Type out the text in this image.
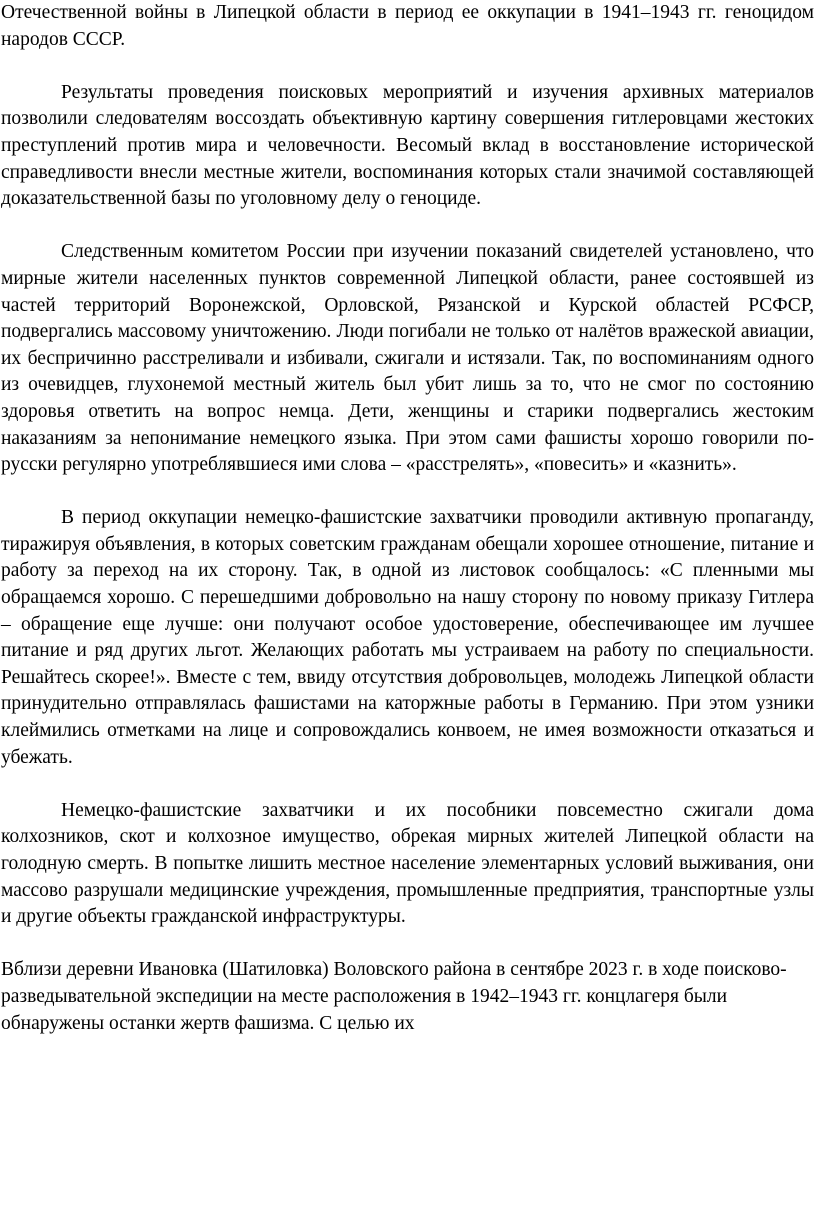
Отечественной войны в Липецкой области в период ее оккупации в 1941–1943 гг. геноцидом народов СССР.

Результаты проведения поисковых мероприятий и изучения архивных материалов позволили следователям воссоздать объективную картину совершения гитлеровцами жестоких преступлений против мира и человечности. Весомый вклад в восстановление исторической справедливости внесли местные жители, воспоминания которых стали значимой составляющей доказательственной базы по уголовному делу о геноциде.

Следственным комитетом России при изучении показаний свидетелей установлено, что мирные жители населенных пунктов современной Липецкой области, ранее состоявшей из частей территорий Воронежской, Орловской, Рязанской и Курской областей РСФСР, подвергались массовому уничтожению. Люди погибали не только от налётов вражеской авиации, их беспричинно расстреливали и избивали, сжигали и истязали. Так, по воспоминаниям одного из очевидцев, глухонемой местный житель был убит лишь за то, что не смог по состоянию здоровья ответить на вопрос немца. Дети, женщины и старики подвергались жестоким наказаниям за непонимание немецкого языка. При этом сами фашисты хорошо говорили по-русски регулярно употреблявшиеся ими слова – «расстрелять», «повесить» и «казнить».

В период оккупации немецко-фашистские захватчики проводили активную пропаганду, тиражируя объявления, в которых советским гражданам обещали хорошее отношение, питание и работу за переход на их сторону. Так, в одной из листовок сообщалось: «С пленными мы обращаемся хорошо. С перешедшими добровольно на нашу сторону по новому приказу Гитлера – обращение еще лучше: они получают особое удостоверение, обеспечивающее им лучшее питание и ряд других льгот. Желающих работать мы устраиваем на работу по специальности. Решайтесь скорее!». Вместе с тем, ввиду отсутствия добровольцев, молодежь Липецкой области принудительно отправлялась фашистами на каторжные работы в Германию. При этом узники клеймились отметками на лице и сопровождались конвоем, не имея возможности отказаться и убежать.

Немецко-фашистские захватчики и их пособники повсеместно сжигали дома колхозников, скот и колхозное имущество, обрекая мирных жителей Липецкой области на голодную смерть. В попытке лишить местное население элементарных условий выживания, они массово разрушали медицинские учреждения, промышленные предприятия, транспортные узлы и другие объекты гражданской инфраструктуры.

Вблизи деревни Ивановка (Шатиловка) Воловского района в сентябре 2023 г. в ходе поисково-разведывательной экспедиции на месте расположения в 1942–1943 гг. концлагеря были обнаружены останки жертв фашизма. С целью их
